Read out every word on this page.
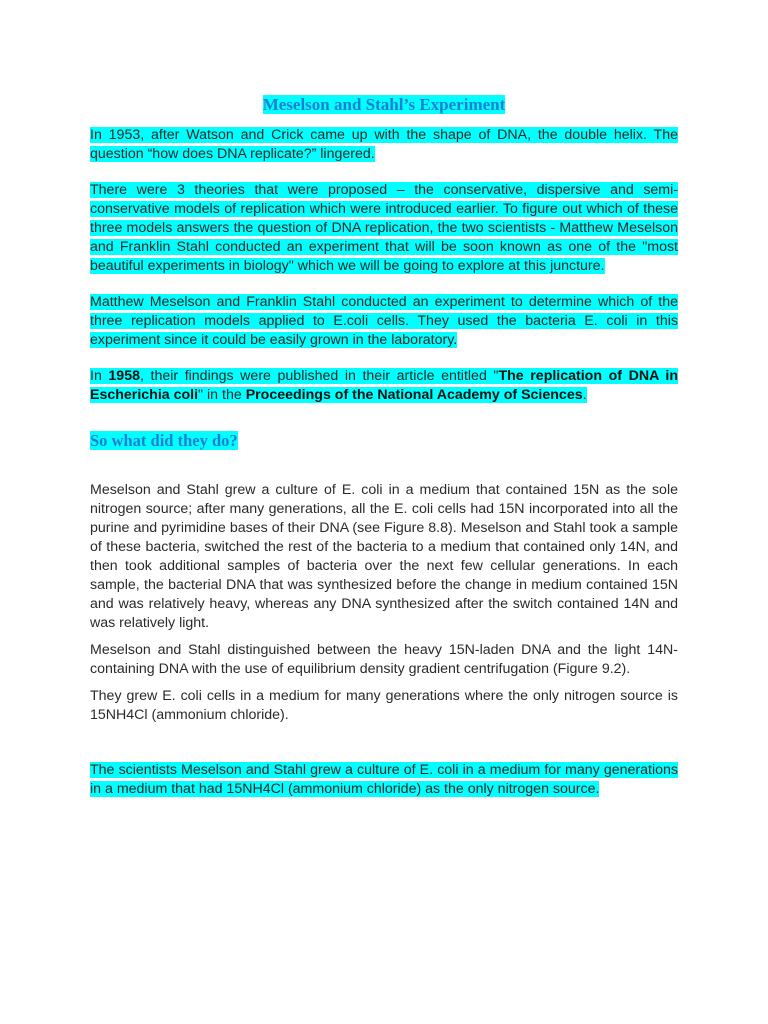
Meselson and Stahl’s Experiment

In 1953, after Watson and Crick came up with the shape of DNA, the double helix. The question “how does DNA replicate?” lingered.

There were 3 theories that were proposed – the conservative, dispersive and semi-conservative models of replication which were introduced earlier. To figure out which of these three models answers the question of DNA replication, the two scientists - Matthew Meselson and Franklin Stahl conducted an experiment that will be soon known as one of the "most beautiful experiments in biology" which we will be going to explore at this juncture.

Matthew Meselson and Franklin Stahl conducted an experiment to determine which of the three replication models applied to E.coli cells. They used the bacteria E. coli in this experiment since it could be easily grown in the laboratory.

In 1958, their findings were published in their article entitled "The replication of DNA in Escherichia coli" in the Proceedings of the National Academy of Sciences.

So what did they do?

Meselson and Stahl grew a culture of E. coli in a medium that contained 15N as the sole nitrogen source; after many generations, all the E. coli cells had 15N incorporated into all the purine and pyrimidine bases of their DNA (see Figure 8.8). Meselson and Stahl took a sample of these bacteria, switched the rest of the bacteria to a medium that contained only 14N, and then took additional samples of bacteria over the next few cellular generations. In each sample, the bacterial DNA that was synthesized before the change in medium contained 15N and was relatively heavy, whereas any DNA synthesized after the switch contained 14N and was relatively light.

Meselson and Stahl distinguished between the heavy 15N-laden DNA and the light 14N-containing DNA with the use of equilibrium density gradient centrifugation (Figure 9.2).

They grew E. coli cells in a medium for many generations where the only nitrogen source is 15NH4Cl (ammonium chloride).

The scientists Meselson and Stahl grew a culture of E. coli in a medium for many generations in a medium that had 15NH4Cl (ammonium chloride) as the only nitrogen source.
